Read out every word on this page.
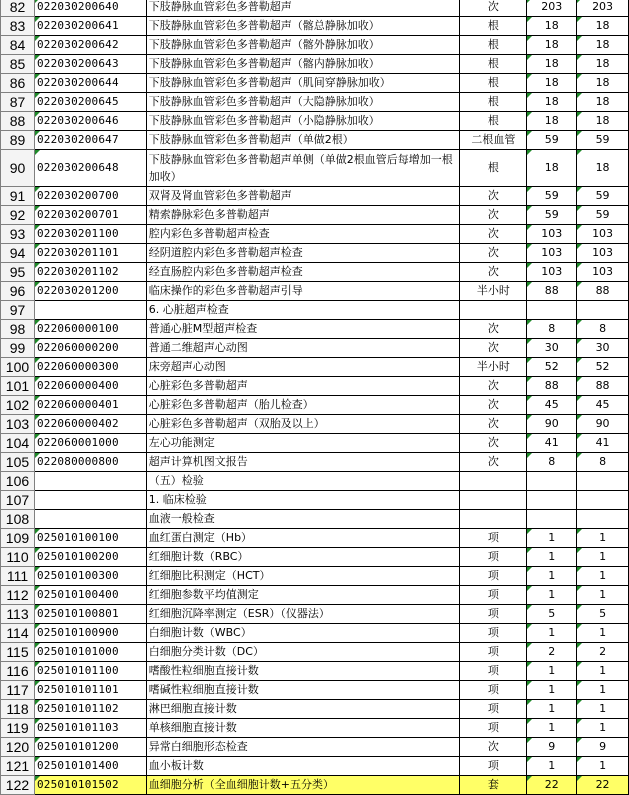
82	022030200640	下肢静脉血管彩色多普勒超声	次	203	203
83	022030200641	下肢静脉血管彩色多普勒超声（髂总静脉加收）	根	18	18
84	022030200642	下肢静脉血管彩色多普勒超声（髂外静脉加收）	根	18	18
85	022030200643	下肢静脉血管彩色多普勒超声（髂内静脉加收）	根	18	18
86	022030200644	下肢静脉血管彩色多普勒超声（肌间穿静脉加收）	根	18	18
87	022030200645	下肢静脉血管彩色多普勒超声（大隐静脉加收）	根	18	18
88	022030200646	下肢静脉血管彩色多普勒超声（小隐静脉加收）	根	18	18
89	022030200647	下肢静脉血管彩色多普勒超声（单做2根）	二根血管	59	59
90	022030200648	下肢静脉血管彩色多普勒超声单侧（单做2根血管后每增加一根加收）	根	18	18
91	022030200700	双肾及肾血管彩色多普勒超声	次	59	59
92	022030200701	精索静脉彩色多普勒超声	次	59	59
93	022030201100	腔内彩色多普勒超声检查	次	103	103
94	022030201101	经阴道腔内彩色多普勒超声检查	次	103	103
95	022030201102	经直肠腔内彩色多普勒超声检查	次	103	103
96	022030201200	临床操作的彩色多普勒超声引导	半小时	88	88
97		6. 心脏超声检查			
98	022060000100	普通心脏M型超声检查	次	8	8
99	022060000200	普通二维超声心动图	次	30	30
100	022060000300	床旁超声心动图	半小时	52	52
101	022060000400	心脏彩色多普勒超声	次	88	88
102	022060000401	心脏彩色多普勒超声（胎儿检查）	次	45	45
103	022060000402	心脏彩色多普勒超声（双胎及以上）	次	90	90
104	022060001000	左心功能测定	次	41	41
105	022080000800	超声计算机图文报告	次	8	8
106		（五）检验			
107		1. 临床检验			
108		血液一般检查			
109	025010100100	血红蛋白测定（Hb）	项	1	1
110	025010100200	红细胞计数（RBC）	项	1	1
111	025010100300	红细胞比积测定（HCT）	项	1	1
112	025010100400	红细胞参数平均值测定	项	1	1
113	025010100801	红细胞沉降率测定（ESR）（仪器法）	项	5	5
114	025010100900	白细胞计数（WBC）	项	1	1
115	025010101000	白细胞分类计数（DC）	项	2	2
116	025010101100	嗜酸性粒细胞直接计数	项	1	1
117	025010101101	嗜碱性粒细胞直接计数	项	1	1
118	025010101102	淋巴细胞直接计数	项	1	1
119	025010101103	单核细胞直接计数	项	1	1
120	025010101200	异常白细胞形态检查	次	9	9
121	025010101400	血小板计数	项	1	1
122	025010101502	血细胞分析（全血细胞计数+五分类）	套	22	22
